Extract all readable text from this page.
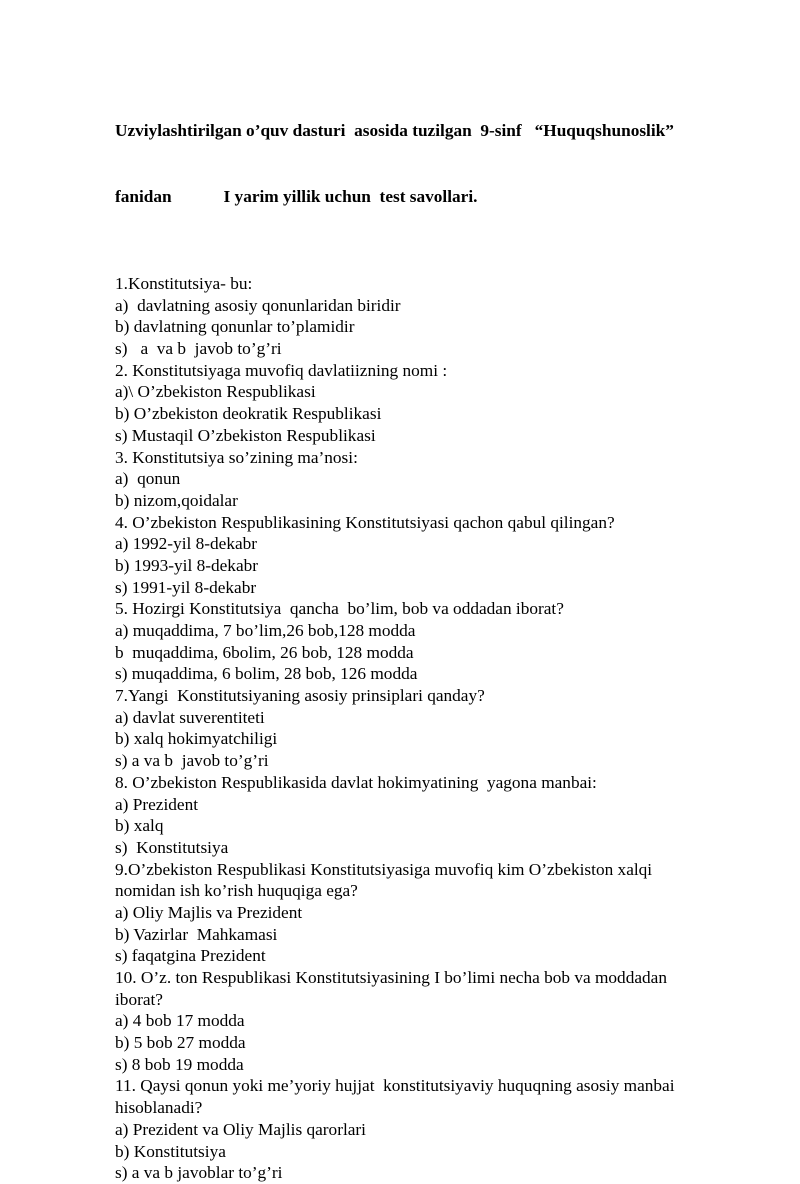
Uzviylashtirilgan o’quv dasturi  asosida tuzilgan  9-sinf   “Huquqshunoslik”

fanidan            I yarim yillik uchun  test savollari.

1.Konstitutsiya- bu:
a)  davlatning asosiy qonunlaridan biridir
b) davlatning qonunlar to’plamidir
s)   a  va b  javob to’g’ri
2. Konstitutsiyaga muvofiq davlatiizning nomi :
a)\ O’zbekiston Respublikasi
b) O’zbekiston deokratik Respublikasi
s) Mustaqil O’zbekiston Respublikasi
3. Konstitutsiya so’zining ma’nosi:
a)  qonun
b) nizom,qoidalar
4. O’zbekiston Respublikasining Konstitutsiyasi qachon qabul qilingan?
a) 1992-yil 8-dekabr
b) 1993-yil 8-dekabr
s) 1991-yil 8-dekabr
5. Hozirgi Konstitutsiya  qancha  bo’lim, bob va oddadan iborat?
a) muqaddima, 7 bo’lim,26 bob,128 modda
b  muqaddima, 6bolim, 26 bob, 128 modda
s) muqaddima, 6 bolim, 28 bob, 126 modda
7.Yangi  Konstitutsiyaning asosiy prinsiplari qanday?
a) davlat suverentiteti
b) xalq hokimyatchiligi
s) a va b  javob to’g’ri
8. O’zbekiston Respublikasida davlat hokimyatining  yagona manbai:
a) Prezident
b) xalq
s)  Konstitutsiya
9.O’zbekiston Respublikasi Konstitutsiyasiga muvofiq kim O’zbekiston xalqi
nomidan ish ko’rish huquqiga ega?
a) Oliy Majlis va Prezident
b) Vazirlar  Mahkamasi
s) faqatgina Prezident
10. O’z. ton Respublikasi Konstitutsiyasining I bo’limi necha bob va moddadan
iborat?
a) 4 bob 17 modda
b) 5 bob 27 modda
s) 8 bob 19 modda
11. Qaysi qonun yoki me’yoriy hujjat  konstitutsiyaviy huquqning asosiy manbai
hisoblanadi?
a) Prezident va Oliy Majlis qarorlari
b) Konstitutsiya
s) a va b javoblar to’g’ri
